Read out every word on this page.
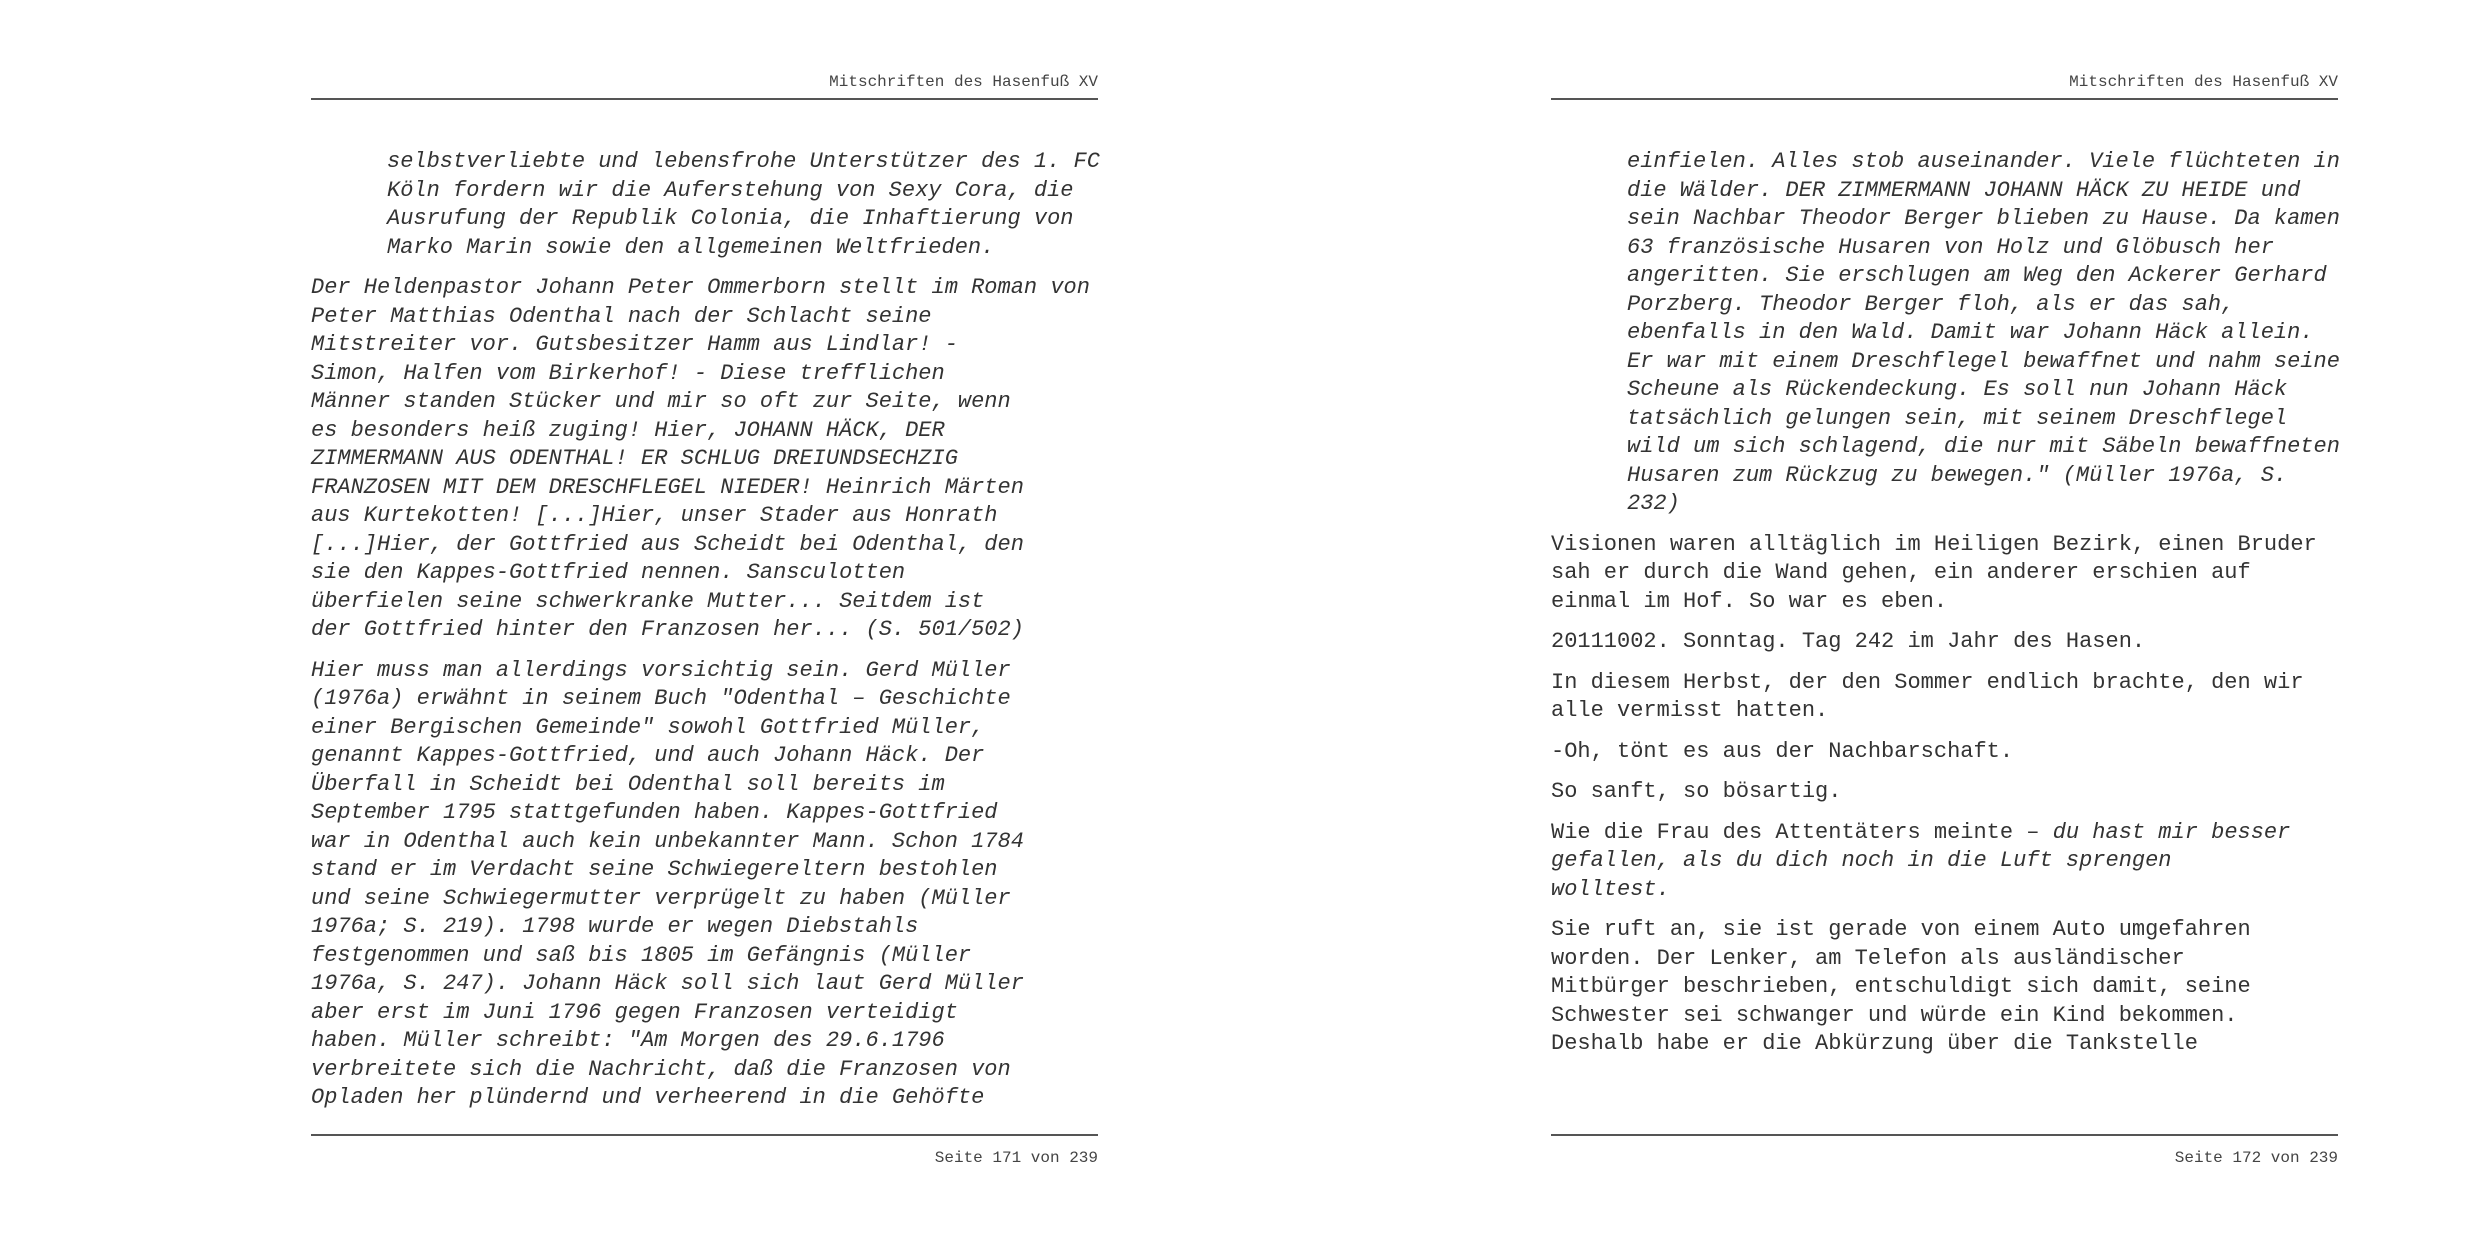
Mitschriften des Hasenfuß XV
selbstverliebte und lebensfrohe Unterstützer des 1. FC
Köln fordern wir die Auferstehung von Sexy Cora, die
Ausrufung der Republik Colonia, die Inhaftierung von
Marko Marin sowie den allgemeinen Weltfrieden.
Der Heldenpastor Johann Peter Ommerborn stellt im Roman von
Peter Matthias Odenthal nach der Schlacht seine
Mitstreiter vor. Gutsbesitzer Hamm aus Lindlar! -
Simon, Halfen vom Birkerhof! - Diese trefflichen
Männer standen Stücker und mir so oft zur Seite, wenn
es besonders heiß zuging! Hier, JOHANN HÄCK, DER
ZIMMERMANN AUS ODENTHAL! ER SCHLUG DREIUNDSECHZIG
FRANZOSEN MIT DEM DRESCHFLEGEL NIEDER! Heinrich Märten
aus Kurtekotten! [...]Hier, unser Stader aus Honrath
[...]Hier, der Gottfried aus Scheidt bei Odenthal, den
sie den Kappes-Gottfried nennen. Sansculotten
überfielen seine schwerkranke Mutter... Seitdem ist
der Gottfried hinter den Franzosen her... (S. 501/502)
Hier muss man allerdings vorsichtig sein. Gerd Müller
(1976a) erwähnt in seinem Buch "Odenthal – Geschichte
einer Bergischen Gemeinde" sowohl Gottfried Müller,
genannt Kappes-Gottfried, und auch Johann Häck. Der
Überfall in Scheidt bei Odenthal soll bereits im
September 1795 stattgefunden haben. Kappes-Gottfried
war in Odenthal auch kein unbekannter Mann. Schon 1784
stand er im Verdacht seine Schwiegereltern bestohlen
und seine Schwiegermutter verprügelt zu haben (Müller
1976a; S. 219). 1798 wurde er wegen Diebstahls
festgenommen und saß bis 1805 im Gefängnis (Müller
1976a, S. 247). Johann Häck soll sich laut Gerd Müller
aber erst im Juni 1796 gegen Franzosen verteidigt
haben. Müller schreibt: "Am Morgen des 29.6.1796
verbreitete sich die Nachricht, daß die Franzosen von
Opladen her plündernd und verheerend in die Gehöfte
Seite 171 von 239
Mitschriften des Hasenfuß XV
einfielen. Alles stob auseinander. Viele flüchteten in
die Wälder. DER ZIMMERMANN JOHANN HÄCK ZU HEIDE und
sein Nachbar Theodor Berger blieben zu Hause. Da kamen
63 französische Husaren von Holz und Glöbusch her
angeritten. Sie erschlugen am Weg den Ackerer Gerhard
Porzberg. Theodor Berger floh, als er das sah,
ebenfalls in den Wald. Damit war Johann Häck allein.
Er war mit einem Dreschflegel bewaffnet und nahm seine
Scheune als Rückendeckung. Es soll nun Johann Häck
tatsächlich gelungen sein, mit seinem Dreschflegel
wild um sich schlagend, die nur mit Säbeln bewaffneten
Husaren zum Rückzug zu bewegen." (Müller 1976a, S.
232)
Visionen waren alltäglich im Heiligen Bezirk, einen Bruder
sah er durch die Wand gehen, ein anderer erschien auf
einmal im Hof. So war es eben.
20111002. Sonntag. Tag 242 im Jahr des Hasen.
In diesem Herbst, der den Sommer endlich brachte, den wir
alle vermisst hatten.
-Oh, tönt es aus der Nachbarschaft.
So sanft, so bösartig.
Wie die Frau des Attentäters meinte – du hast mir besser
gefallen, als du dich noch in die Luft sprengen
wolltest.
Sie ruft an, sie ist gerade von einem Auto umgefahren
worden. Der Lenker, am Telefon als ausländischer
Mitbürger beschrieben, entschuldigt sich damit, seine
Schwester sei schwanger und würde ein Kind bekommen.
Deshalb habe er die Abkürzung über die Tankstelle
Seite 172 von 239
